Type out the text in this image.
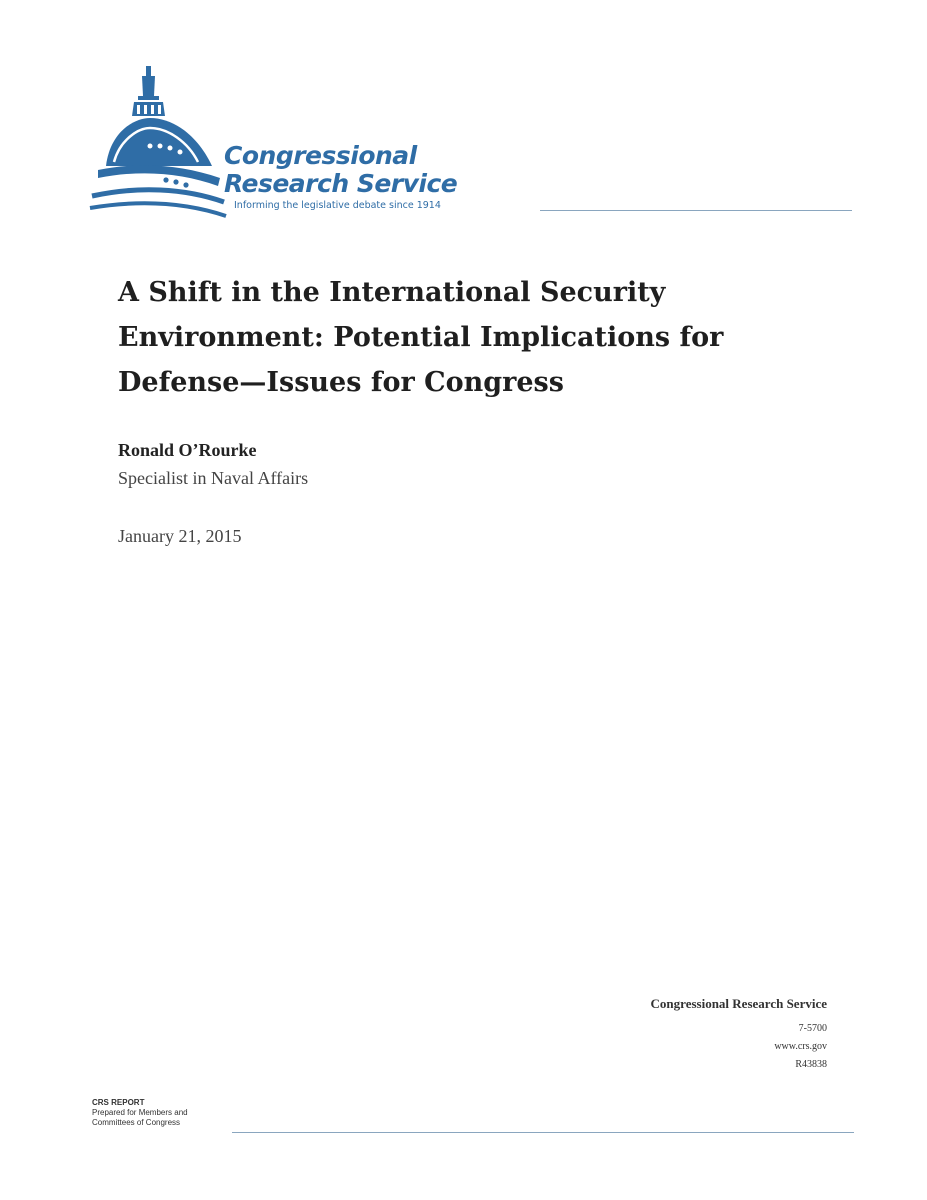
Congressional
Research Service
Informing the legislative debate since 1914
A Shift in the International Security Environment: Potential Implications for Defense—Issues for Congress
Ronald O’Rourke
Specialist in Naval Affairs
January 21, 2015
Congressional Research Service
7-5700
www.crs.gov
R43838
CRS REPORT
Prepared for Members and
Committees of Congress
